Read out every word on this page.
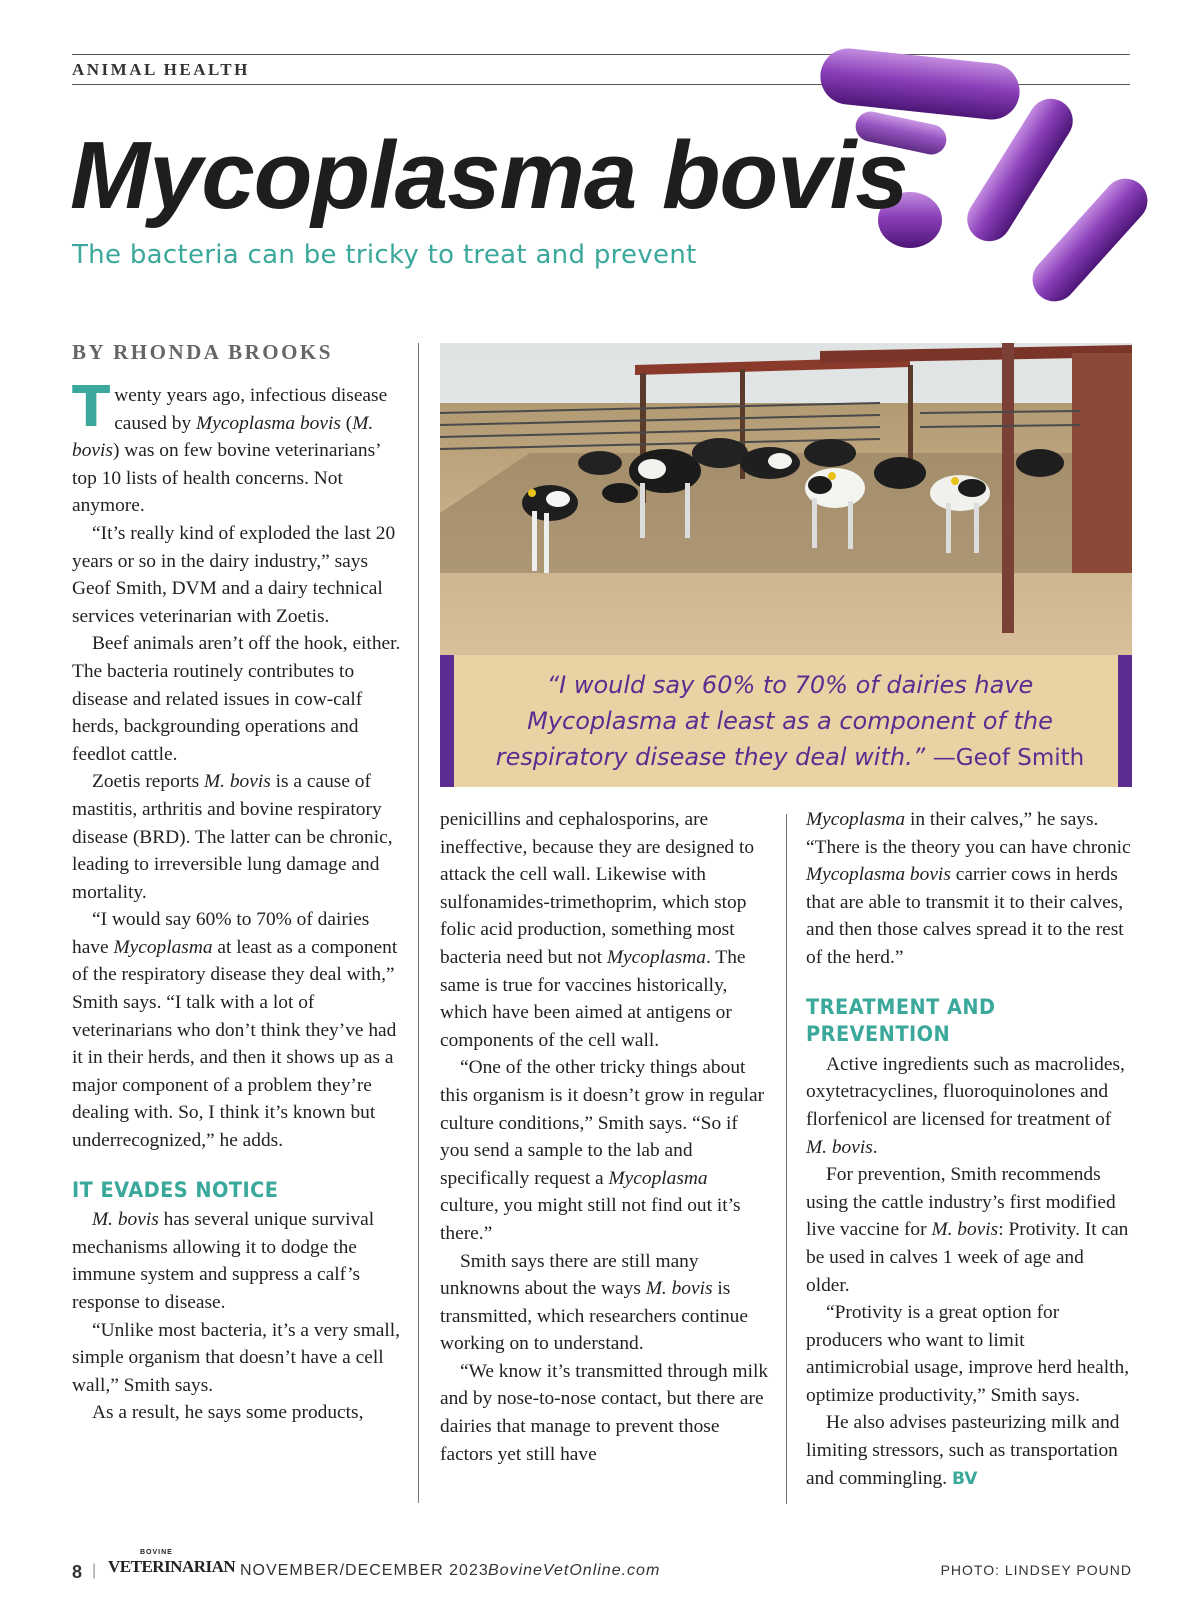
ANIMAL HEALTH
Mycoplasma bovis
The bacteria can be tricky to treat and prevent
BY RHONDA BROOKS
“I would say 60% to 70% of dairies have Mycoplasma at least as a component of the respiratory disease they deal with.” —Geof Smith

Twenty years ago, infectious disease caused by Mycoplasma bovis (M. bovis) was on few bovine veterinarians’ top 10 lists of health concerns. Not anymore.

“It’s really kind of exploded the last 20 years or so in the dairy industry,” says Geof Smith, DVM and a dairy technical services veterinarian with Zoetis.

Beef animals aren’t off the hook, either. The bacteria routinely contributes to disease and related issues in cow-calf herds, backgrounding operations and feedlot cattle.

Zoetis reports M. bovis is a cause of mastitis, arthritis and bovine respiratory disease (BRD). The latter can be chronic, leading to irreversible lung damage and mortality.

“I would say 60% to 70% of dairies have Mycoplasma at least as a component of the respiratory disease they deal with,” Smith says. “I talk with a lot of veterinarians who don’t think they’ve had it in their herds, and then it shows up as a major component of a problem they’re dealing with. So, I think it’s known but underrecognized,” he adds.

IT EVADES NOTICE

M. bovis has several unique survival mechanisms allowing it to dodge the immune system and suppress a calf’s response to disease.

“Unlike most bacteria, it’s a very small, simple organism that doesn’t have a cell wall,” Smith says.

As a result, he says some products,

penicillins and cephalosporins, are ineffective, because they are designed to attack the cell wall. Likewise with sulfonamides-trimethoprim, which stop folic acid production, something most bacteria need but not Mycoplasma. The same is true for vaccines historically, which have been aimed at antigens or components of the cell wall.

“One of the other tricky things about this organism is it doesn’t grow in regular culture conditions,” Smith says. “So if you send a sample to the lab and specifically request a Mycoplasma culture, you might still not find out it’s there.”

Smith says there are still many unknowns about the ways M. bovis is transmitted, which researchers continue working on to understand.

“We know it’s transmitted through milk and by nose-to-nose contact, but there are dairies that manage to prevent those factors yet still have

Mycoplasma in their calves,” he says. “There is the theory you can have chronic Mycoplasma bovis carrier cows in herds that are able to transmit it to their calves, and then those calves spread it to the rest of the herd.”

TREATMENT AND PREVENTION

Active ingredients such as macrolides, oxytetracyclines, fluoroquinolones and florfenicol are licensed for treatment of M. bovis.

For prevention, Smith recommends using the cattle industry’s first modified live vaccine for M. bovis: Protivity. It can be used in calves 1 week of age and older.

“Protivity is a great option for producers who want to limit antimicrobial usage, improve herd health, optimize productivity,” Smith says.

He also advises pasteurizing milk and limiting stressors, such as transportation and commingling. BV

8 |
BOVINE
VETERINARIAN NOVEMBER/DECEMBER 2023 BovineVetOnline.com	PHOTO: LINDSEY POUND
